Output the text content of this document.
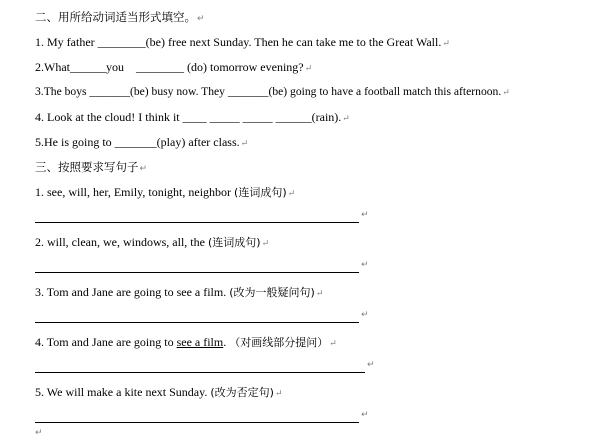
二、用所给动词适当形式填空。↵
1. My father ________(be) free next Sunday. Then he can take me to the Great Wall.↵
2.What______you    ________ (do) tomorrow evening?↵
3.The boys _______(be) busy now. They _______(be) going to have a football match this afternoon.↵
4. Look at the cloud! I think it ____ _____ _____ ______(rain).↵
5.He is going to _______(play) after class.↵
三、按照要求写句子↵
1. see, will, her, Emily, tonight, neighbor (连词成句)↵
↵
2. will, clean, we, windows, all, the (连词成句)↵
↵
3. Tom and Jane are going to see a film. (改为一般疑问句)↵
↵
4. Tom and Jane are going to see a film. （对画线部分提问）↵
↵
5. We will make a kite next Sunday. (改为否定句)↵
↵
↵
